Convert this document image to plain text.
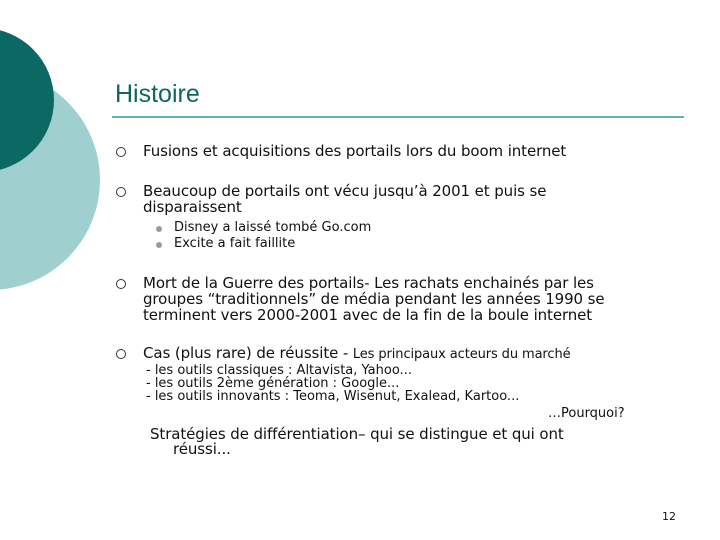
Histoire
Fusions et acquisitions des portails lors du boom internet
Beaucoup de portails ont vécu jusqu’à 2001 et puis se
disparaissent
Disney a laissé tombé Go.com
Excite a fait faillite
Mort de la Guerre des portails- Les rachats enchainés par les
groupes “traditionnels” de média pendant les années 1990 se
terminent vers 2000-2001 avec de la fin de la boule internet
Cas (plus rare) de réussite - Les principaux acteurs du marché
- les outils classiques : Altavista, Yahoo...
- les outils 2ème génération : Google...
- les outils innovants : Teoma, Wisenut, Exalead, Kartoo...
…Pourquoi?
Stratégies de différentiation– qui se distingue et qui ont
réussi...
12
